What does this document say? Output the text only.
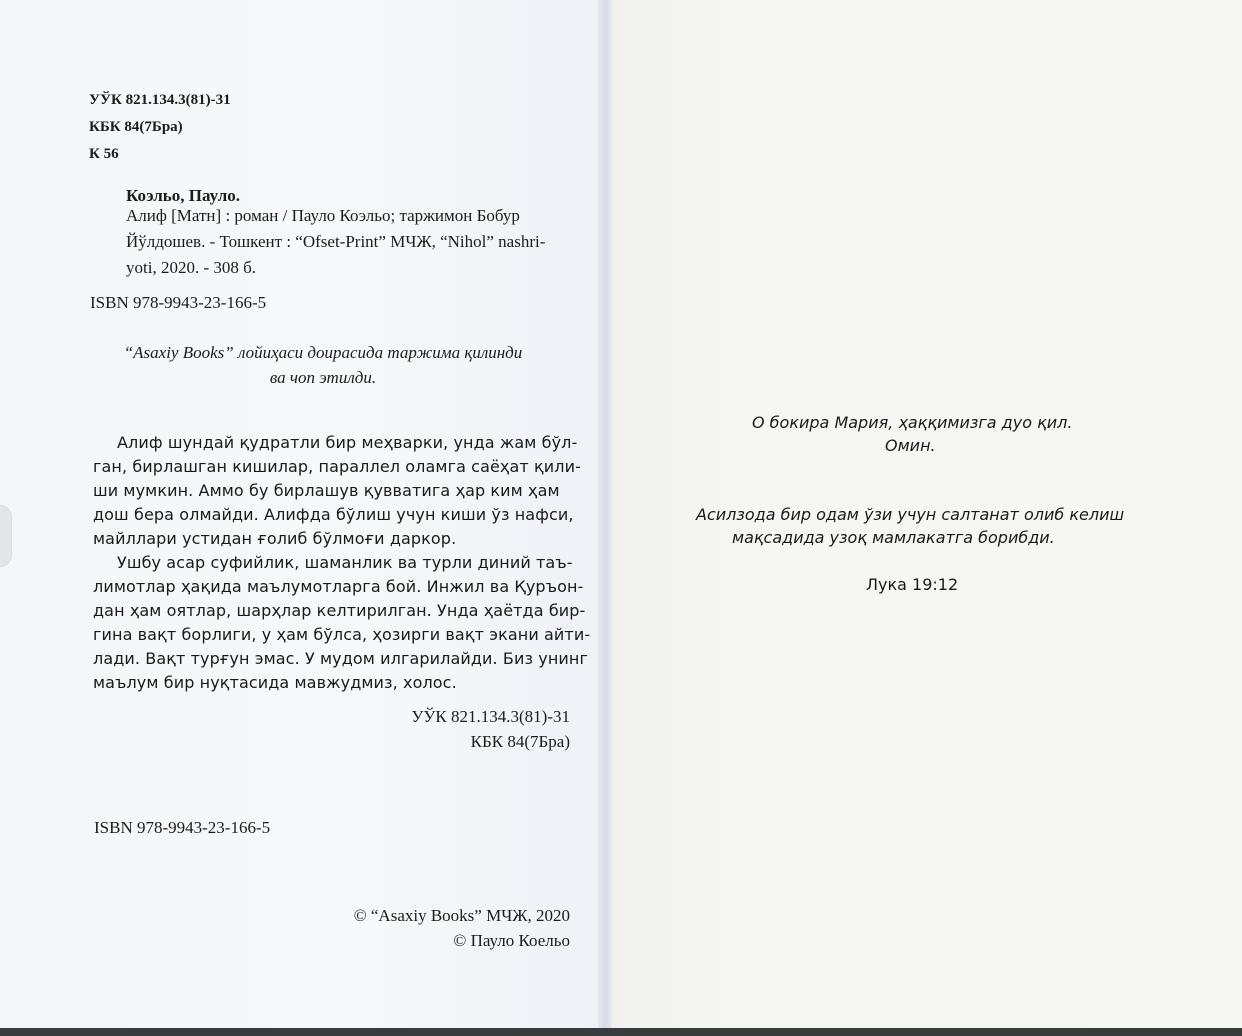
УЎК 821.134.3(81)-31
КБК 84(7Бра)
К 56
Коэльо, Пауло.
Алиф [Матн] : роман / Пауло Коэльо; таржимон Бобур
Йўлдошев. - Тошкент : “Ofset-Print” МЧЖ, “Nihol” nashri-
yoti, 2020. - 308 б.
ISBN 978-9943-23-166-5
“Asaxiy Books” лойиҳаси доирасида таржима қилинди
ва чоп этилди.
Алиф шундай қудратли бир меҳварки, унда жам бўл-
ган, бирлашган кишилар, параллел оламга саёҳат қили-
ши мумкин. Аммо бу бирлашув қувватига ҳар ким ҳам
дош бера олмайди. Алифда бўлиш учун киши ўз нафси,
майллари устидан ғолиб бўлмоғи даркор.
Ушбу асар суфийлик, шаманлик ва турли диний таъ-
лимотлар ҳақида маълумотларга бой. Инжил ва Қуръон-
дан ҳам оятлар, шарҳлар келтирилган. Унда ҳаётда бир-
гина вақт борлиги, у ҳам бўлса, ҳозирги вақт экани айти-
лади. Вақт турғун эмас. У мудом илгарилайди. Биз унинг
маълум бир нуқтасида мавжудмиз, холос.
УЎК 821.134.3(81)-31
КБК 84(7Бра)
ISBN 978-9943-23-166-5
© “Asaxiy Books” МЧЖ, 2020
© Пауло Коельо
О бокира Мария, ҳаққимизга дуо қил.
Омин.
Асилзода бир одам ўзи учун салтанат олиб келиш
мақсадида узоқ мамлакатга борибди.
Лука 19:12
